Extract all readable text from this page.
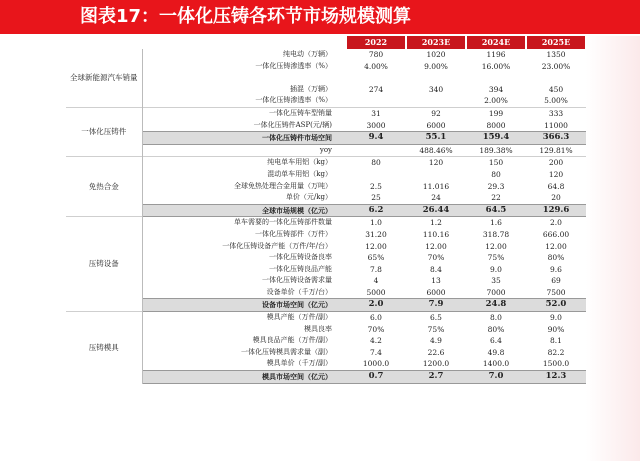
图表17：一体化压铸各环节市场规模测算
		2022	2023E	2024E	2025E
全球新能源汽车销量	纯电动（万辆）	780	1020	1196	1350
	一体化压铸渗透率（%）	4.00%	9.00%	16.00%	23.00%

	插混（万辆）	274	340	394	450
	一体化压铸渗透率（%）			2.00%	5.00%
一体化压铸件	一体化压铸车型销量	31	92	199	333
	一体化压铸件ASP(元/辆)	3000	6000	8000	11000
	一体化压铸件市场空间	9.4	55.1	159.4	366.3
	yoy		488.46%	189.38%	129.81%
免热合金	纯电单车用铝（kg）	80	120	150	200
	混动单车用铝（kg）			80	120
	全球免热处理合金用量（万吨）	2.5	11.016	29.3	64.8
	单价（元/kg）	25	24	22	20
	全球市场规模（亿元）	6.2	26.44	64.5	129.6
压铸设备	单车需要的一体化压铸部件数量	1.0	1.2	1.6	2.0
	一体化压铸部件（万件）	31.20	110.16	318.78	666.00
	一体化压铸设备产能（万件/年/台）	12.00	12.00	12.00	12.00
	一体化压铸设备良率	65%	70%	75%	80%
	一体化压铸良品产能	7.8	8.4	9.0	9.6
	一体化压铸设备需求量	4	13	35	69
	设备单价（千万/台）	5000	6000	7000	7500
	设备市场空间（亿元）	2.0	7.9	24.8	52.0
压铸模具	模具产能（万件/副）	6.0	6.5	8.0	9.0
	模具良率	70%	75%	80%	90%
	模具良品产能（万件/副）	4.2	4.9	6.4	8.1
	一体化压铸模具需求量（副）	7.4	22.6	49.8	82.2
	模具单价（千万/副）	1000.0	1200.0	1400.0	1500.0
	模具市场空间（亿元）	0.7	2.7	7.0	12.3
